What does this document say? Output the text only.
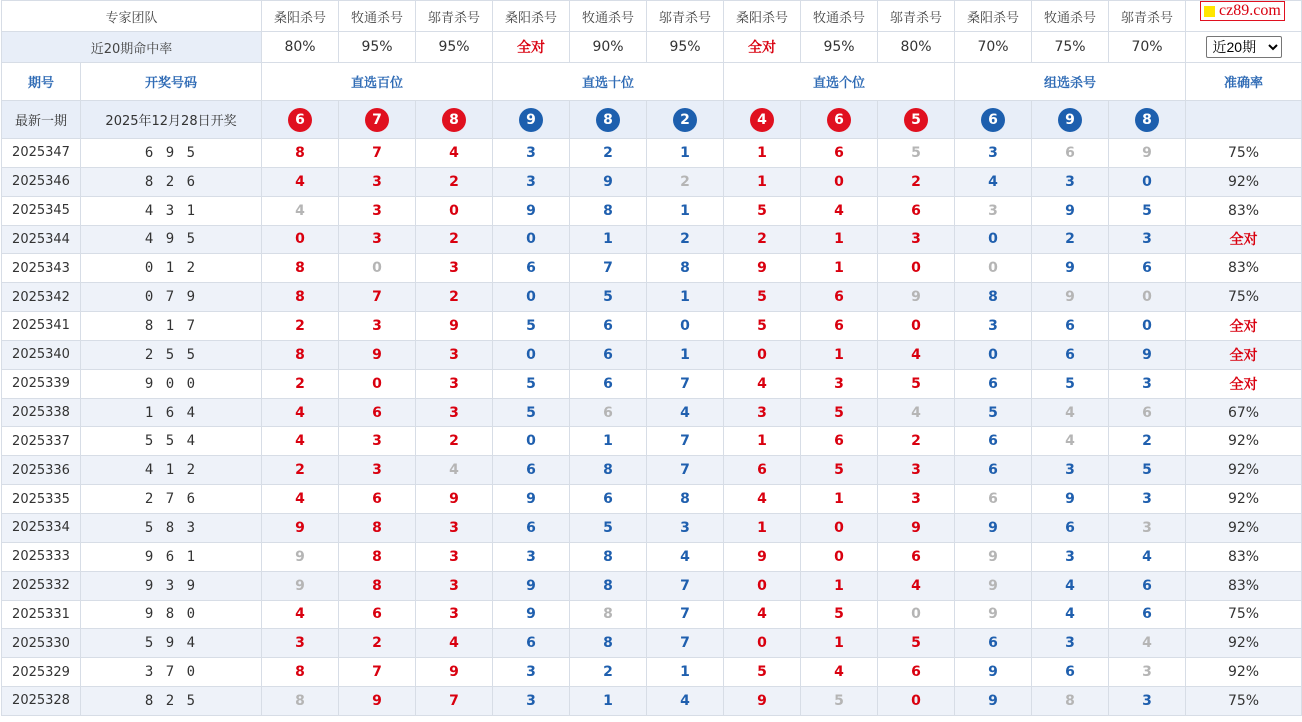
专家团队		桑阳杀号	牧通杀号	邬青杀号	桑阳杀号	牧通杀号	邬青杀号	桑阳杀号	牧通杀号	邬青杀号	桑阳杀号	牧通杀号	邬青杀号	cz89.com

近20期命中率		80%	95%	95%	全对	90%	95%	全对	95%	80%	70%	75%	70%	
近20期
期号	开奖号码	直选百位			直选十位			直选个位			组选杀号			准确率
最新一期	2025年12月28日开奖	6	7	8	9	8	2	4	6	5	6	9	8	
2025347	6 9 5	8	7	4	3	2	1	1	6	5	3	6	9	75%
2025346	8 2 6	4	3	2	3	9	2	1	0	2	4	3	0	92%
2025345	4 3 1	4	3	0	9	8	1	5	4	6	3	9	5	83%
2025344	4 9 5	0	3	2	0	1	2	2	1	3	0	2	3	全对
2025343	0 1 2	8	0	3	6	7	8	9	1	0	0	9	6	83%
2025342	0 7 9	8	7	2	0	5	1	5	6	9	8	9	0	75%
2025341	8 1 7	2	3	9	5	6	0	5	6	0	3	6	0	全对
2025340	2 5 5	8	9	3	0	6	1	0	1	4	0	6	9	全对
2025339	9 0 0	2	0	3	5	6	7	4	3	5	6	5	3	全对
2025338	1 6 4	4	6	3	5	6	4	3	5	4	5	4	6	67%
2025337	5 5 4	4	3	2	0	1	7	1	6	2	6	4	2	92%
2025336	4 1 2	2	3	4	6	8	7	6	5	3	6	3	5	92%
2025335	2 7 6	4	6	9	9	6	8	4	1	3	6	9	3	92%
2025334	5 8 3	9	8	3	6	5	3	1	0	9	9	6	3	92%
2025333	9 6 1	9	8	3	3	8	4	9	0	6	9	3	4	83%
2025332	9 3 9	9	8	3	9	8	7	0	1	4	9	4	6	83%
2025331	9 8 0	4	6	3	9	8	7	4	5	0	9	4	6	75%
2025330	5 9 4	3	2	4	6	8	7	0	1	5	6	3	4	92%
2025329	3 7 0	8	7	9	3	2	1	5	4	6	9	6	3	92%
2025328	8 2 5	8	9	7	3	1	4	9	5	0	9	8	3	75%
